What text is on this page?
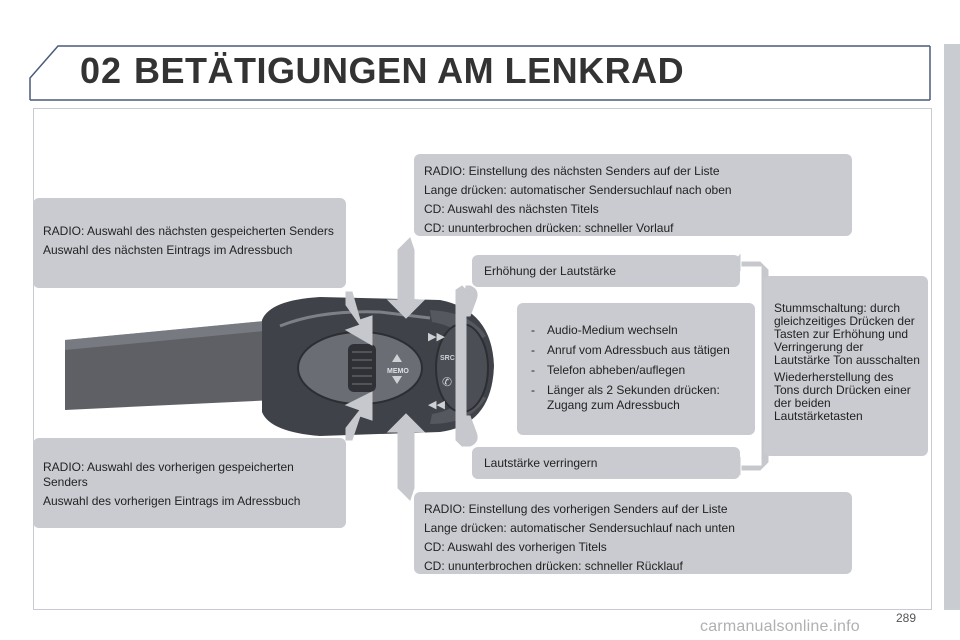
02 BETÄTIGUNGEN AM LENKRAD
MEMO
▶▶
◀◀
SRC
✆

RADIO: Auswahl des nächsten gespeicherten Senders

Auswahl des nächsten Eintrags im Adressbuch

RADIO: Auswahl des vorherigen gespeicherten Senders

Auswahl des vorherigen Eintrags im Adressbuch

RADIO: Einstellung des nächsten Senders auf der Liste

Lange drücken: automatischer Sendersuchlauf nach oben

CD: Auswahl des nächsten Titels

CD: ununterbrochen drücken: schneller Vorlauf

Erhöhung der Lautstärke
- Audio-Medium wechseln
- Anruf vom Adressbuch aus tätigen
- Telefon abheben/auflegen
- Länger als 2 Sekunden drücken: Zugang zum Adressbuch

Stummschaltung: durch gleichzeitiges Drücken der Tasten zur Erhöhung und Verringerung der Lautstärke Ton ausschalten

Wiederherstellung des Tons durch Drücken einer der beiden Lautstärketasten

Lautstärke verringern

RADIO: Einstellung des vorherigen Senders auf der Liste

Lange drücken: automatischer Sendersuchlauf nach unten

CD: Auswahl des vorherigen Titels

CD: ununterbrochen drücken: schneller Rücklauf

289
carmanualsonline.info
